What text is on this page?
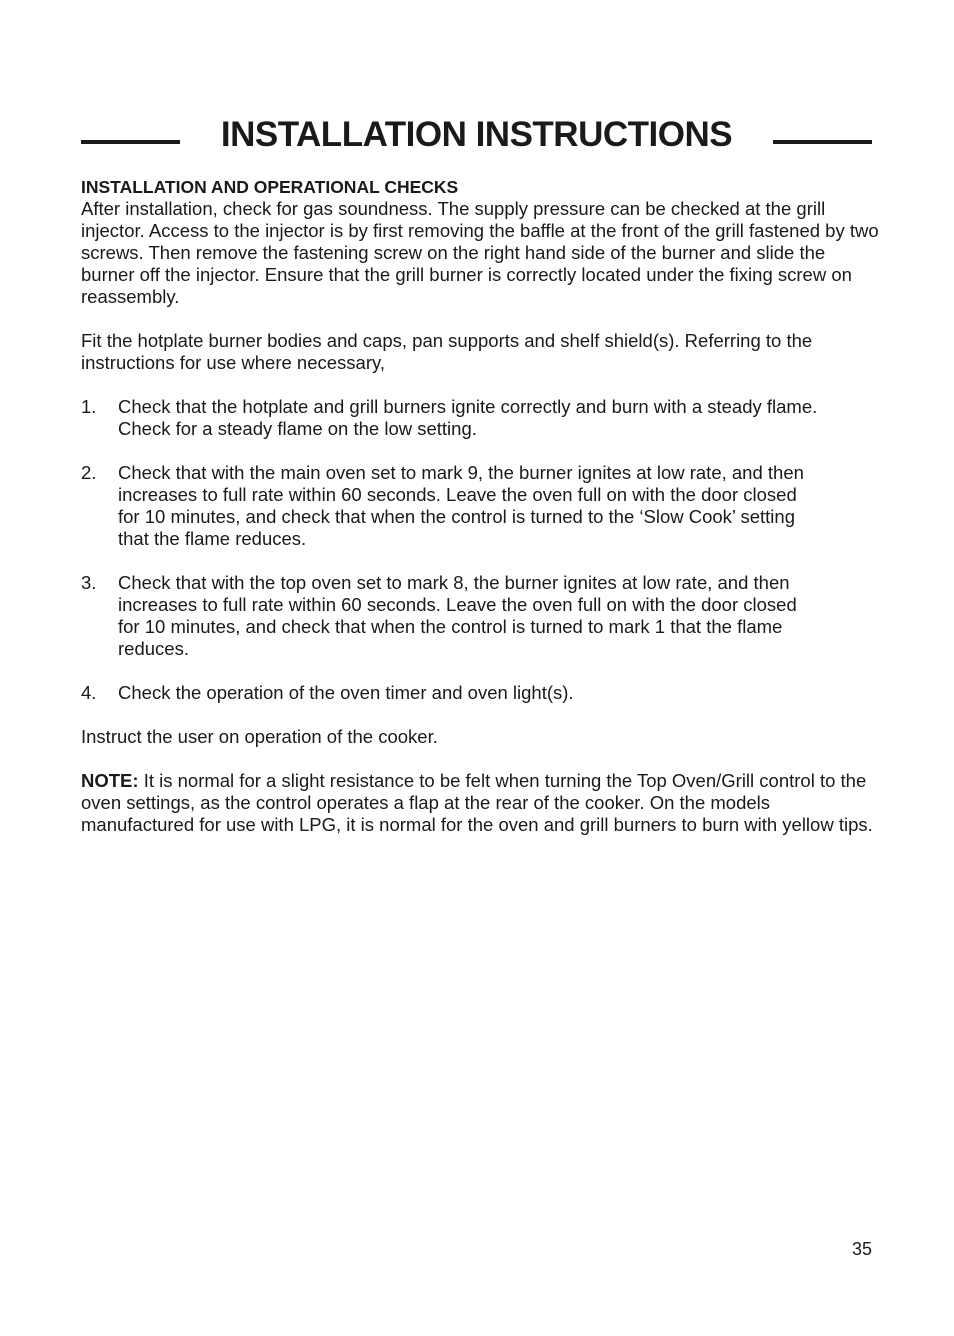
INSTALLATION INSTRUCTIONS

INSTALLATION AND OPERATIONAL CHECKS
After installation, check for gas soundness. The supply pressure can be checked at the grill injector. Access to the injector is by first removing the baffle at the front of the grill fastened by two screws. Then remove the fastening screw on the right hand side of the burner and slide the burner off the injector. Ensure that the grill burner is correctly located under the fixing screw on reassembly.

Fit the hotplate burner bodies and caps, pan supports and shelf shield(s). Referring to the instructions for use where necessary,

1. Check that the hotplate and grill burners ignite correctly and burn with a steady flame. Check for a steady flame on the low setting.
2. Check that with the main oven set to mark 9, the burner ignites at low rate, and then increases to full rate within 60 seconds. Leave the oven full on with the door closed for 10 minutes, and check that when the control is turned to the ‘Slow Cook’ setting that the flame reduces.
3. Check that with the top oven set to mark 8, the burner ignites at low rate, and then increases to full rate within 60 seconds. Leave the oven full on with the door closed for 10 minutes, and check that when the control is turned to mark 1 that the flame reduces.
4. Check the operation of the oven timer and oven light(s).

Instruct the user on operation of the cooker.

NOTE: It is normal for a slight resistance to be felt when turning the Top Oven/Grill control to the oven settings, as the control operates a flap at the rear of the cooker. On the models manufactured for use with LPG, it is normal for the oven and grill burners to burn with yellow tips.

35
